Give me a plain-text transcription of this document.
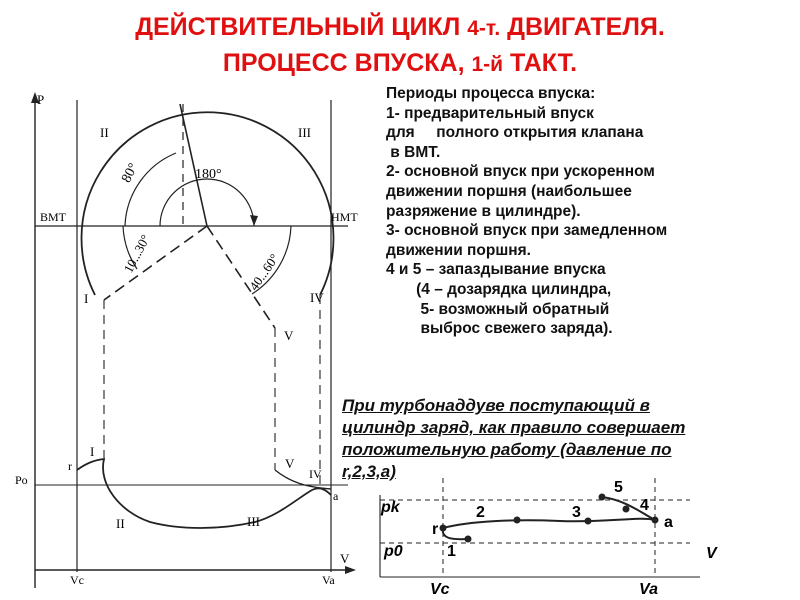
ДЕЙСТВИТЕЛЬНЫЙ ЦИКЛ 4-т. ДВИГАТЕЛЯ.
ПРОЦЕСС ВПУСКА, 1-й ТАКТ.
P
V
Vc	Va
Po
ВМТ	НМТ
80°	180°
10...30°	40...60°
II	III
I	IV
V
r
I
V
IV
a
II	III
pk
p0
Vc	Va
V
r
1
2	3	4
5
a
Периоды процесса впуска:
1- предварительный впуск
для     полного открытия клапана
в ВМТ.
2- основной впуск при ускоренном
движении поршня (наибольшее
разряжение в цилиндре).
3- основной впуск при замедленном
движении поршня.
4 и 5 – запаздывание впуска
(4 – дозарядка цилиндра,
5- возможный обратный
выброс свежего заряда).
При турбонаддуве поступающий в
цилиндр заряд, как правило совершает
положительную работу (давление по
r,2,3,a)
